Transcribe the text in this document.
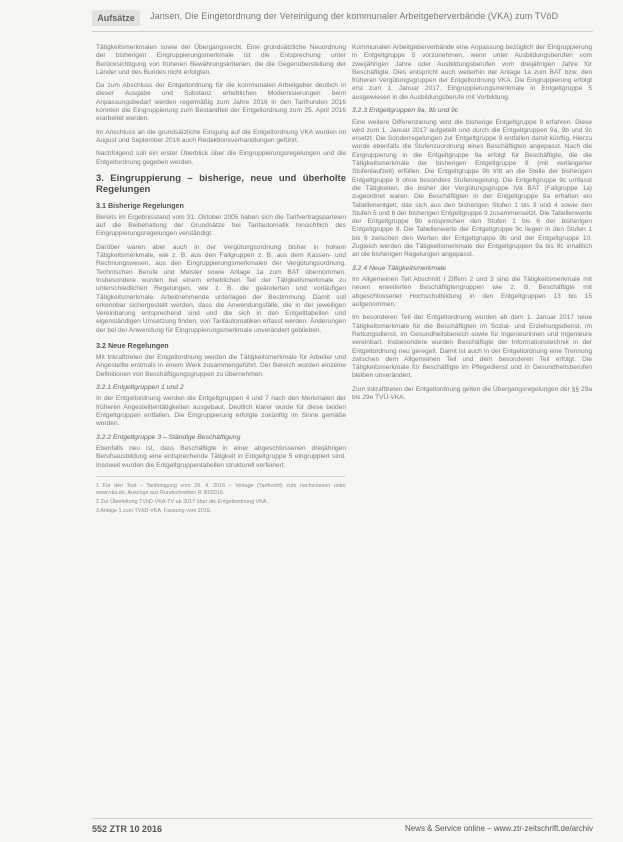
Aufsätze	Jansen, Die Eingetordnung der Vereinigung der kommunaler Arbeitgeberverbände (VKA) zum TVöD

Tätigkeitsmerkmalen sowie der Übergangsrecht. Eine grundsätzliche Neuordnung der bisherigen Eingruppierungsmerkmale ist die Entsprechung unter Berücksichtigung von früheren Bewährungskriterien, die die Gegenüberstellung der Länder und des Bundes nicht erfolgten.

Da zum Abschluss der Entgeltordnung für die kommunalen Arbeitgeber deutlich in dieser Ausgabe und Substanz erheblichen Modernisierungen beim Anpassungsbedarf werden regelmäßig zum Jahre 2016 in den Tarifrunden 2016 konnten die Eingruppierung zum Bestandteil der Entgeltordnung zum 25. April 2016 erarbeitet werden.

Im Anschluss an die grundsätzliche Einigung auf die Entgeltordnung VKA wurden im August und September 2016 auch Redaktionsverhandlungen geführt.

Nachfolgend soll ein erster Überblick über die Eingruppierungsregelungen und die Entgeltordnung gegeben werden.

3. Eingruppierung – bisherige, neue und überholte Regelungen
3.1 Bisherige Regelungen

Bereits im Ergebnisstand vom 31. Oktober 2005 haben sich die Tarifvertragsparteien auf die Beibehaltung der Grundsätze bei Tarifautomatik hinsichtlich des Eingruppierungsregelungen verständigt.

Darüber waren aber auch in der Vergütungsordnung bisher in hohem Tätigkeitsmerkmale, wie z. B. aus den Fallgruppen z. B. aus dem Kassen- und Rechnungswesen, aus den Eingruppierungsmerkmalen der Vergütungsordnung. Technischen Berufe und Meister sowie Anlage 1a zum BAT übernommen. Insbesondere wurden bei einem erheblichen Teil der Tätigkeitsmerkmale zu unterschiedlichen Regelungen, wie z. B. die geänderten und vorläufigen Tätigkeitsmerkmale. Arbeitnehmende unterlagen der Bestimmung. Damit soll erkennbar sichergestellt werden, dass die Anwendungsfälle, die in der jeweiligen Vereinbarung entsprechend sind und die sich in den Entgelttabellen und eigenständigen Umsetzung finden, von Tarifautomatiken erfasst werden. Änderungen der bei der Anwendung für Eingruppierungsmerkmale unverändert geblieben.

3.2 Neue Regelungen

Mit Inkrafttreten der Entgeltordnung werden die Tätigkeitsmerkmale für Arbeiter und Angestellte erstmals in einem Werk zusammengeführt. Der Bereich wurden einzelne Definitionen von Beschäftigungsgruppen zu übernehmen.

3.2.1 Entgeltgruppen 1 und 2

In der Entgeltordnung werden die Entgeltgruppen 4 und 7 nach den Merkmalen der früheren Angestelltentätigkeiten ausgebaut. Deutlich klarer wurde für diese beiden Entgeltgruppen entfallen. Die Eingruppierung erfolgte zukünftig im Sinne gemäße worden.

3.2.2 Entgeltgruppe 3 – Ständige Beschäftigung

Ebenfalls neu ist, dass Beschäftigte in einer abgeschlossenen dreijährigen Berufsausbildung eine entsprechende Tätigkeit in Entgeltgruppe 5 eingruppiert sind. Insoweit wurden die Entgeltgruppentabellen strukturell verfeinert.

1 Für den Text – Tarifeinigung vom 29. 4. 2016 – Vorlage (Tarifrecht) zum nachzulesen unter www.vka.de, Auszüge aus Rundschreiben R 30/2016.
2 Zur Überleitung TVöD-VKA-TV ab 2017 über die Entgeltordnung VKA.
3 Anlage 1 zum TVöD-VKA, Fassung vom 2016.

Kommunalen Arbeitgeberverbände eine Anpassung bezüglich der Eingruppierung in Entgeltgruppe 5 vorzunehmen, wenn unter Ausbildungsberufen vom zweijährigen Jahre oder Ausbildungsberufen vom dreijährigen Jahre für Beschäftigte. Dies entspricht auch weiterhin der Anlage 1a zum BAT bzw. den früheren Vergütungsgruppen der Entgeltordnung VKA. Die Eingruppierung erfolgt erst zum 1. Januar 2017. Eingruppierungsmerkmale in Entgeltgruppe 5 ausgewiesen in die Ausbildungsberufe mit Vorbildung.

3.2.3 Entgeltgruppen 9a, 9b und 9c

Eine weitere Differenzierung wird die bisherige Entgeltgruppe 9 erfahren. Diese wird zum 1. Januar 2017 aufgeteilt und durch die Entgeltgruppen 9a, 9b und 9c ersetzt. Die Sonderregelungen zur Entgeltgruppe 9 entfallen damit künftig. Hierzu wurde ebenfalls die Stufenzuordnung eines Beschäftigten angepasst. Nach die Eingruppierung in die Entgeltgruppe 9a erfolgt für Beschäftigte, die die Tätigkeitsmerkmale der bisherigen Entgeltgruppe 9 (mit verlängerter Stufenlaufzeit) erfüllen. Die Entgeltgruppe 9b tritt an die Stelle der bisherigen Entgeltgruppe 9 ohne besondere Stufenregelung. Die Entgeltgruppe 9c umfasst die Tätigkeiten, die bisher der Vergütungsgruppe IVa BAT (Fallgruppe 1a) zugeordnet waren. Die Beschäftigten in der Entgeltgruppe 9a erhalten ein Tabellenentgelt, das sich aus den bisherigen Stufen 1 bis 3 und 4 sowie den Stufen 5 und 6 der bisherigen Entgeltgruppe 9 zusammensetzt. Die Tabellenwerte der Entgeltgruppe 9b entsprechen den Stufen 1 bis 6 der bisherigen Entgeltgruppe 9. Die Tabellenwerte der Entgeltgruppe 9c liegen in den Stufen 1 bis 6 zwischen den Werten der Entgeltgruppe 9b und der Entgeltgruppe 10. Zugleich werden die Tätigkeitsmerkmale der Entgeltgruppen 9a bis 9c inhaltlich an die bisherigen Regelungen angepasst.

3.2.4 Neue Tätigkeitsmerkmale

Im Allgemeinen Teil Abschnitt I Ziffern 2 und 3 sind die Tätigkeitsmerkmale mit neuen erweiterten Beschäftigtengruppen wie z. B. Beschäftigte mit abgeschlossener Hochschulbildung in den Entgeltgruppen 13 bis 15 aufgenommen.

Im besonderen Teil der Entgeltordnung wurden ab dem 1. Januar 2017 neue Tätigkeitsmerkmale für die Beschäftigten im Sozial- und Erziehungsdienst, im Rettungsdienst, im Gesundheitsbereich sowie für Ingenieurinnen und Ingenieure vereinbart. Insbesondere wurden Beschäftigte der Informationstechnik in der Entgeltordnung neu geregelt. Damit ist auch in der Entgeltordnung eine Trennung zwischen dem Allgemeinen Teil und dem besonderen Teil erfolgt. Die Tätigkeitsmerkmale für Beschäftigte im Pflegedienst und in Gesundheitsberufen bleiben unverändert.

Zum Inkrafttreten der Entgeltordnung gelten die Übergangsregelungen der §§ 29a bis 29e TVÜ-VKA.

552 ZTR 10 2016	News & Service online – www.ztr-zeitschrift.de/archiv
